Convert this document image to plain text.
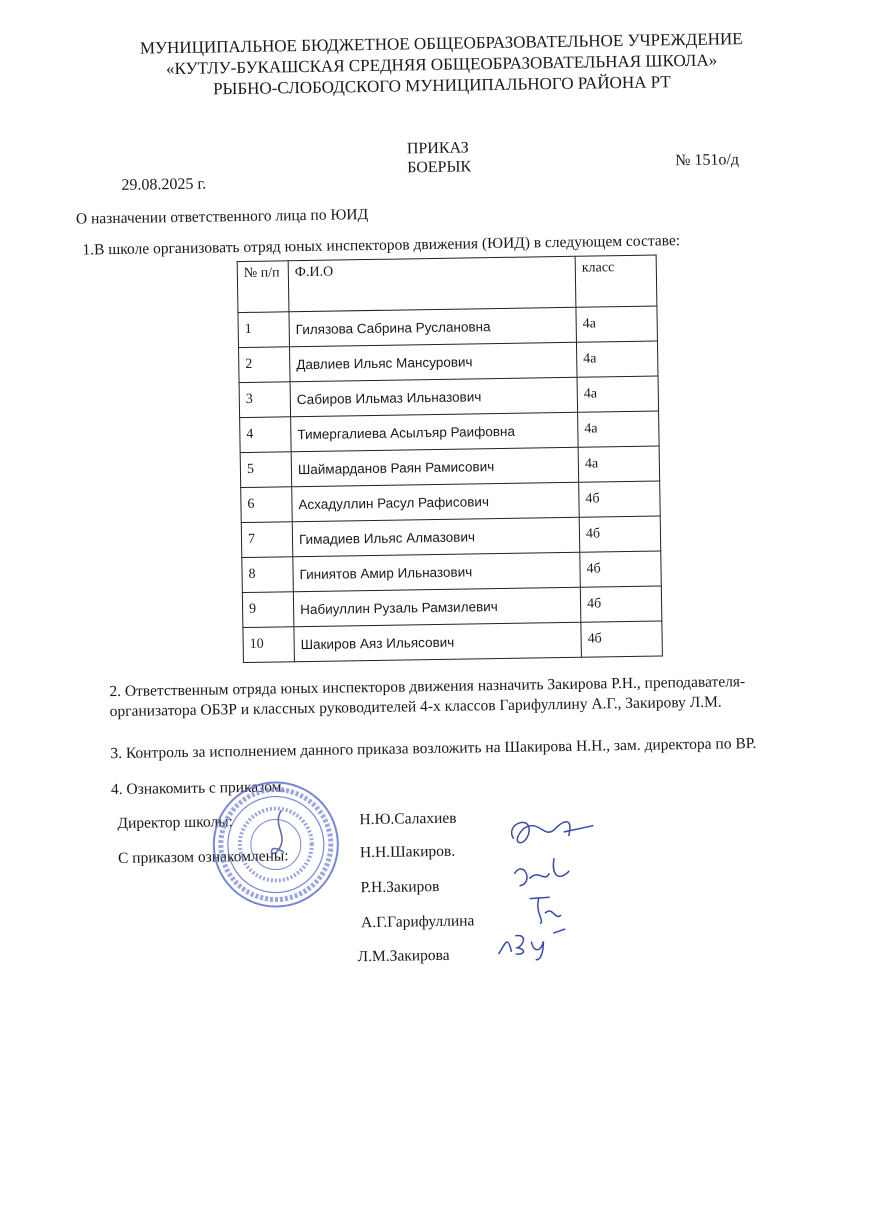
МУНИЦИПАЛЬНОЕ БЮДЖЕТНОЕ ОБЩЕОБРАЗОВАТЕЛЬНОЕ УЧРЕЖДЕНИЕ
«КУТЛУ-БУКАШСКАЯ СРЕДНЯЯ ОБЩЕОБРАЗОВАТЕЛЬНАЯ ШКОЛА»
РЫБНО-СЛОБОДСКОГО МУНИЦИПАЛЬНОГО РАЙОНА РТ
ПРИКАЗ
БОЕРЫК
29.08.2025 г.
№ 151о/д
О назначении ответственного лица по ЮИД
1.В школе организовать отряд юных инспекторов движения (ЮИД) в следующем составе:
№ п/п	Ф.И.О	класс
1	Гилязова Сабрина Руслановна	4а
2	Давлиев Ильяс Мансурович	4а
3	Сабиров Ильмаз Ильназович	4а
4	Тимергалиева Асылъяр Раифовна	4а
5	Шаймарданов Раян Рамисович	4а
6	Асхадуллин Расул Рафисович	4б
7	Гимадиев Ильяс Алмазович	4б
8	Гиниятов Амир Ильназович	4б
9	Набиуллин Рузаль Рамзилевич	4б
10	Шакиров Аяз Ильясович	4б
2. Ответственным отряда юных инспекторов движения назначить Закирова Р.Н., преподавателя-
организатора ОБЗР и классных руководителей 4-х классов Гарифуллину А.Г., Закирову Л.М.
3. Контроль за исполнением данного приказа возложить на Шакирова Н.Н., зам. директора по ВР.
4. Ознакомить с приказом.
Директор школы:	Н.Ю.Салахиев
С приказом ознакомлены:	Н.Н.Шакиров.
Р.Н.Закиров
А.Г.Гарифуллина
Л.М.Закирова
